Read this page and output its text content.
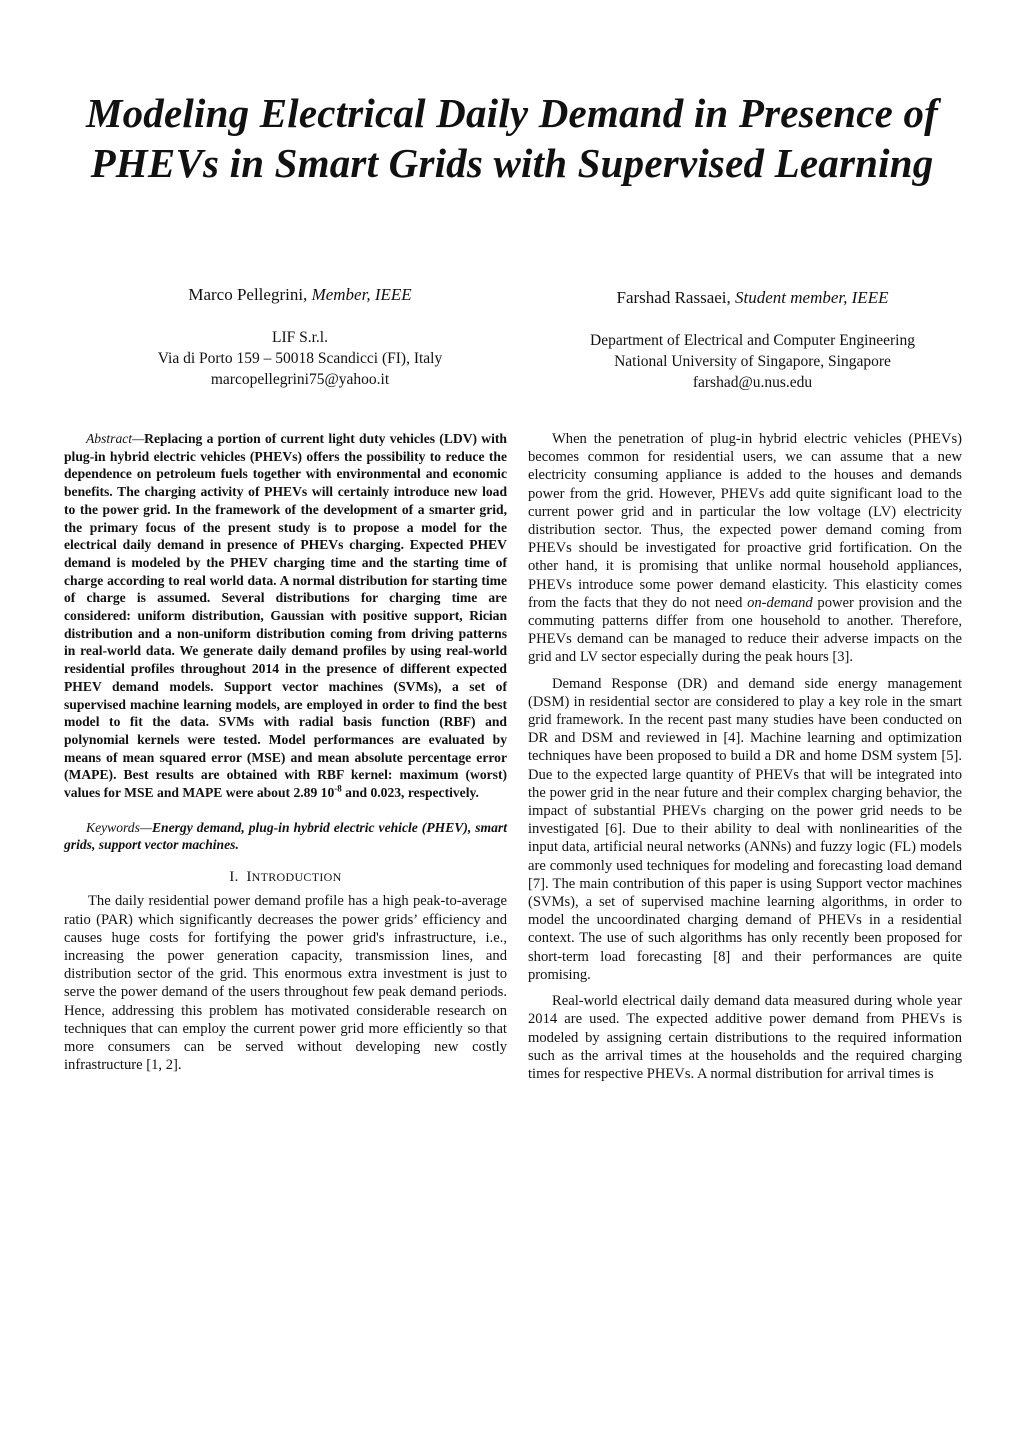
Modeling Electrical Daily Demand in Presence of
PHEVs in Smart Grids with Supervised Learning
Marco Pellegrini, Member, IEEE
LIF S.r.l.
Via di Porto 159 – 50018 Scandicci (FI), Italy
marcopellegrini75@yahoo.it
Farshad Rassaei, Student member, IEEE
Department of Electrical and Computer Engineering
National University of Singapore, Singapore
farshad@u.nus.edu

Abstract—Replacing a portion of current light duty vehicles (LDV) with plug-in hybrid electric vehicles (PHEVs) offers the possibility to reduce the dependence on petroleum fuels together with environmental and economic benefits. The charging activity of PHEVs will certainly introduce new load to the power grid. In the framework of the development of a smarter grid, the primary focus of the present study is to propose a model for the electrical daily demand in presence of PHEVs charging. Expected PHEV demand is modeled by the PHEV charging time and the starting time of charge according to real world data. A normal distribution for starting time of charge is assumed. Several distributions for charging time are considered: uniform distribution, Gaussian with positive support, Rician distribution and a non-uniform distribution coming from driving patterns in real-world data. We generate daily demand profiles by using real-world residential profiles throughout 2014 in the presence of different expected PHEV demand models. Support vector machines (SVMs), a set of supervised machine learning models, are employed in order to find the best model to fit the data. SVMs with radial basis function (RBF) and polynomial kernels were tested. Model performances are evaluated by means of mean squared error (MSE) and mean absolute percentage error (MAPE). Best results are obtained with RBF kernel: maximum (worst) values for MSE and MAPE were about 2.89 $10^{-8}$ and 0.023, respectively.

Keywords—Energy demand, plug-in hybrid electric vehicle (PHEV), smart grids, support vector machines.

I. INTRODUCTION

The daily residential power demand profile has a high peak-to-average ratio (PAR) which significantly decreases the power grids’ efficiency and causes huge costs for fortifying the power grid's infrastructure, i.e., increasing the power generation capacity, transmission lines, and distribution sector of the grid. This enormous extra investment is just to serve the power demand of the users throughout few peak demand periods. Hence, addressing this problem has motivated considerable research on techniques that can employ the current power grid more efficiently so that more consumers can be served without developing new costly infrastructure [1, 2].

When the penetration of plug-in hybrid electric vehicles (PHEVs) becomes common for residential users, we can assume that a new electricity consuming appliance is added to the houses and demands power from the grid. However, PHEVs add quite significant load to the current power grid and in particular the low voltage (LV) electricity distribution sector. Thus, the expected power demand coming from PHEVs should be investigated for proactive grid fortification. On the other hand, it is promising that unlike normal household appliances, PHEVs introduce some power demand elasticity. This elasticity comes from the facts that they do not need on-demand power provision and the commuting patterns differ from one household to another. Therefore, PHEVs demand can be managed to reduce their adverse impacts on the grid and LV sector especially during the peak hours [3].

Demand Response (DR) and demand side energy management (DSM) in residential sector are considered to play a key role in the smart grid framework. In the recent past many studies have been conducted on DR and DSM and reviewed in [4]. Machine learning and optimization techniques have been proposed to build a DR and home DSM system [5]. Due to the expected large quantity of PHEVs that will be integrated into the power grid in the near future and their complex charging behavior, the impact of substantial PHEVs charging on the power grid needs to be investigated [6]. Due to their ability to deal with nonlinearities of the input data, artificial neural networks (ANNs) and fuzzy logic (FL) models are commonly used techniques for modeling and forecasting load demand [7]. The main contribution of this paper is using Support vector machines (SVMs), a set of supervised machine learning algorithms, in order to model the uncoordinated charging demand of PHEVs in a residential context. The use of such algorithms has only recently been proposed for short-term load forecasting [8] and their performances are quite promising.

Real-world electrical daily demand data measured during whole year 2014 are used. The expected additive power demand from PHEVs is modeled by assigning certain distributions to the required information such as the arrival times at the households and the required charging times for respective PHEVs. A normal distribution for arrival times is
